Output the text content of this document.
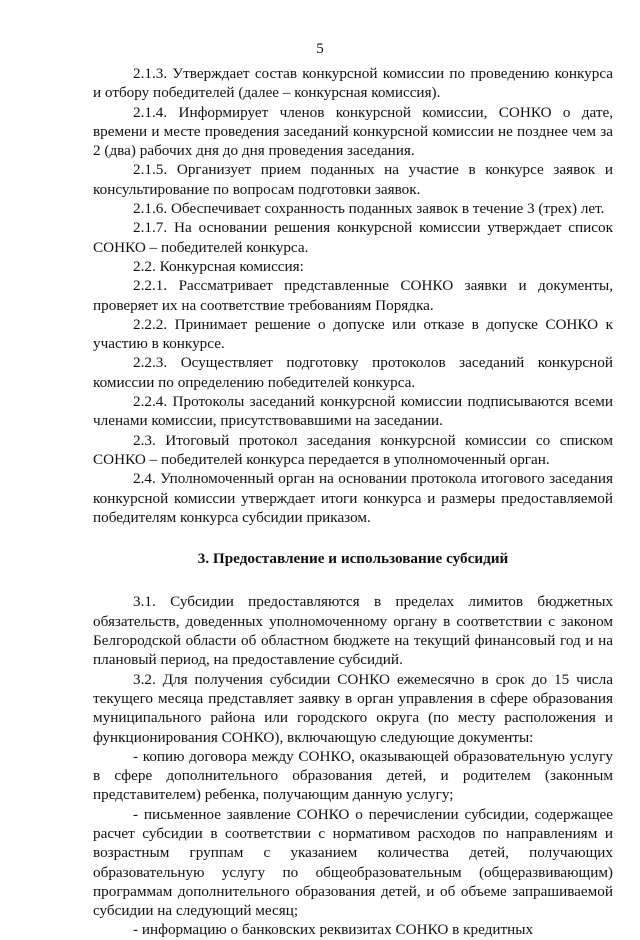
5

2.1.3. Утверждает состав конкурсной комиссии по проведению конкурса и отбору победителей (далее – конкурсная комиссия).

2.1.4. Информирует членов конкурсной комиссии, СОНКО о дате, времени и месте проведения заседаний конкурсной комиссии не позднее чем за 2 (два) рабочих дня до дня проведения заседания.

2.1.5. Организует прием поданных на участие в конкурсе заявок и консультирование по вопросам подготовки заявок.

2.1.6. Обеспечивает сохранность поданных заявок в течение 3 (трех) лет.

2.1.7. На основании решения конкурсной комиссии утверждает список СОНКО – победителей конкурса.

2.2. Конкурсная комиссия:

2.2.1. Рассматривает представленные СОНКО заявки и документы, проверяет их на соответствие требованиям Порядка.

2.2.2. Принимает решение о допуске или отказе в допуске СОНКО к участию в конкурсе.

2.2.3. Осуществляет подготовку протоколов заседаний конкурсной комиссии по определению победителей конкурса.

2.2.4. Протоколы заседаний конкурсной комиссии подписываются всеми членами комиссии, присутствовавшими на заседании.

2.3. Итоговый протокол заседания конкурсной комиссии со списком СОНКО – победителей конкурса передается в уполномоченный орган.

2.4. Уполномоченный орган на основании протокола итогового заседания конкурсной комиссии утверждает итоги конкурса и размеры предоставляемой победителям конкурса субсидии приказом.

3. Предоставление и использование субсидий

3.1. Субсидии предоставляются в пределах лимитов бюджетных обязательств, доведенных уполномоченному органу в соответствии с законом Белгородской области об областном бюджете на текущий финансовый год и на плановый период, на предоставление субсидий.

3.2. Для получения субсидии СОНКО ежемесячно в срок до 15 числа текущего месяца представляет заявку в орган управления в сфере образования муниципального района или городского округа (по месту расположения и функционирования СОНКО), включающую следующие документы:

- копию договора между СОНКО, оказывающей образовательную услугу в сфере дополнительного образования детей, и родителем (законным представителем) ребенка, получающим данную услугу;

- письменное заявление СОНКО о перечислении субсидии, содержащее расчет субсидии в соответствии с нормативом расходов по направлениям и возрастным группам с указанием количества детей, получающих образовательную услугу по общеобразовательным (общеразвивающим) программам дополнительного образования детей, и об объеме запрашиваемой субсидии на следующий месяц;

- информацию о банковских реквизитах СОНКО в кредитных
